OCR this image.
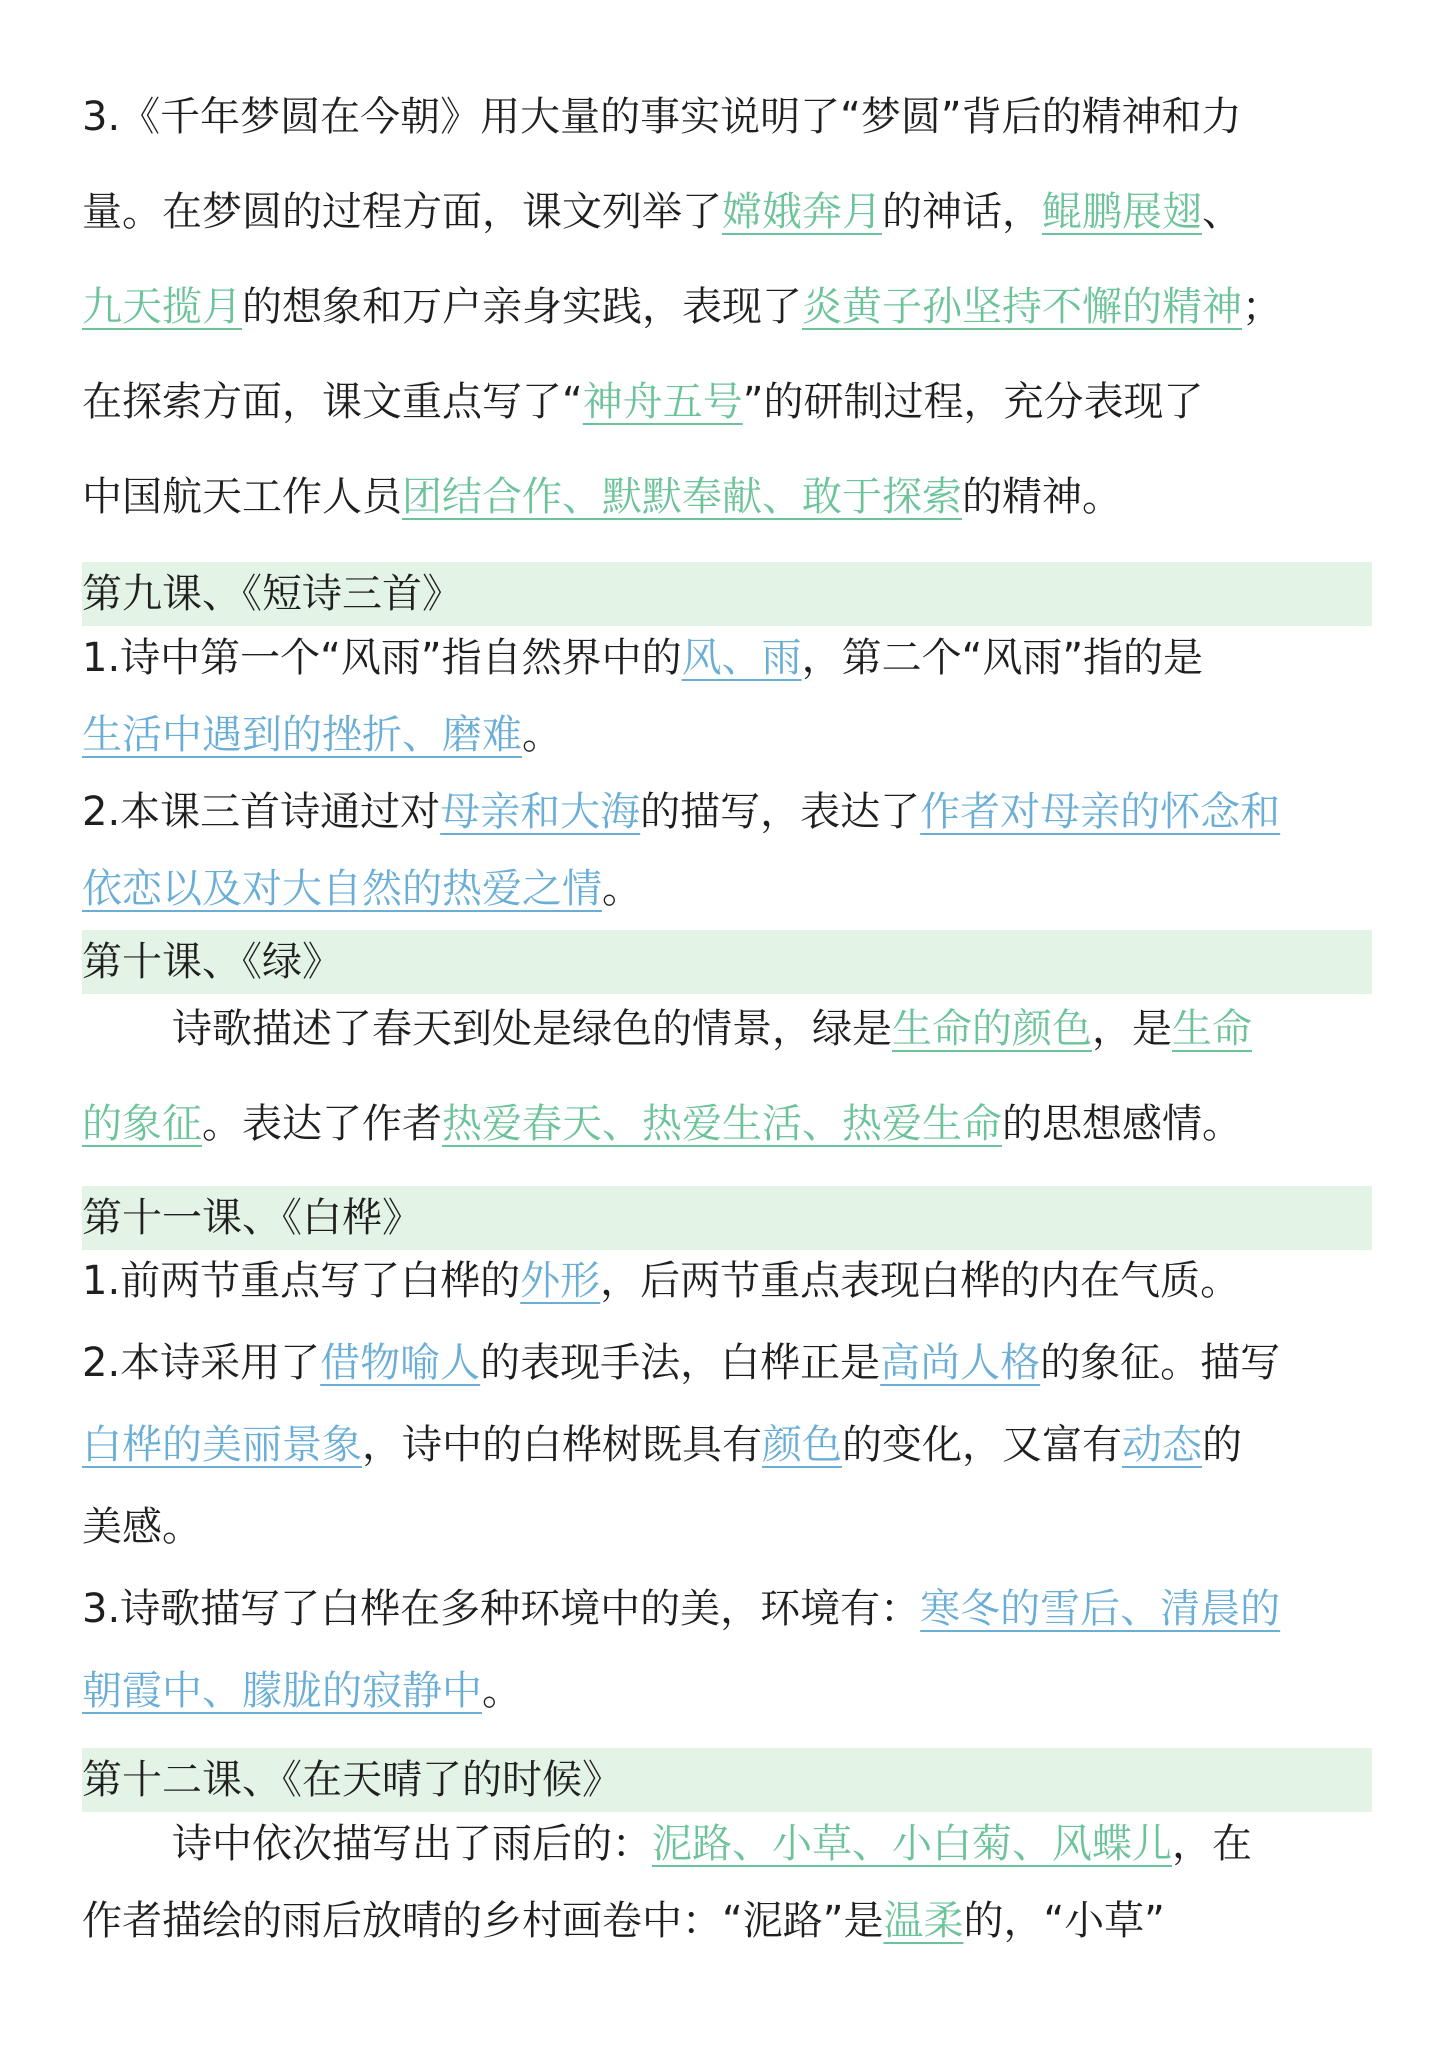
3.《千年梦圆在今朝》用大量的事实说明了“梦圆”背后的精神和力
量。在梦圆的过程方面，课文列举了嫦娥奔月的神话，鲲鹏展翅、
九天揽月的想象和万户亲身实践，表现了炎黄子孙坚持不懈的精神；
在探索方面，课文重点写了“神舟五号”的研制过程，充分表现了
中国航天工作人员团结合作、默默奉献、敢于探索的精神。
第九课、《短诗三首》
1.诗中第一个“风雨”指自然界中的风、雨，第二个“风雨”指的是
生活中遇到的挫折、磨难。
2.本课三首诗通过对母亲和大海的描写，表达了作者对母亲的怀念和
依恋以及对大自然的热爱之情。
第十课、《绿》
诗歌描述了春天到处是绿色的情景，绿是生命的颜色，是生命
的象征。表达了作者热爱春天、热爱生活、热爱生命的思想感情。
第十一课、《白桦》
1.前两节重点写了白桦的外形，后两节重点表现白桦的内在气质。
2.本诗采用了借物喻人的表现手法，白桦正是高尚人格的象征。描写
白桦的美丽景象，诗中的白桦树既具有颜色的变化，又富有动态的
美感。
3.诗歌描写了白桦在多种环境中的美，环境有：寒冬的雪后、清晨的
朝霞中、朦胧的寂静中。
第十二课、《在天晴了的时候》
诗中依次描写出了雨后的：泥路、小草、小白菊、风蝶儿，在
作者描绘的雨后放晴的乡村画卷中：“泥路”是温柔的，“小草”
